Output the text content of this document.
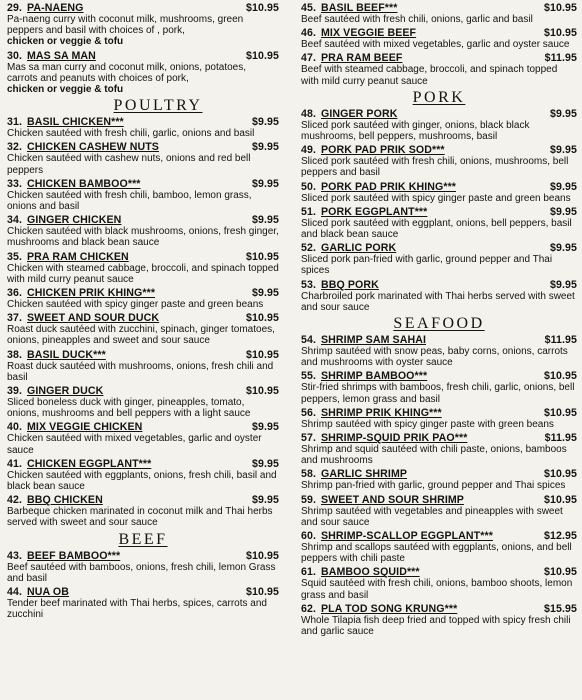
29. PA-NAENG	$10.95
Pa-naeng curry with coconut milk, mushrooms, green peppers and basil with choices of , pork,
chicken or veggie & tofu
30. MAS SA MAN	$10.95
Mas sa man curry and coconut milk, onions, potatoes, carrots and peanuts with choices of pork,
chicken or veggie & tofu
POULTRY
31. BASIL CHICKEN***	$9.95
Chicken sautéed with fresh chili, garlic, onions and basil
32. CHICKEN CASHEW NUTS	$9.95
Chicken sautéed with cashew nuts, onions and red bell peppers
33. CHICKEN BAMBOO***	$9.95
Chicken sautéed with fresh chili, bamboo, lemon grass, onions and basil
34. GINGER CHICKEN	$9.95
Chicken sautéed with black mushrooms, onions, fresh ginger, mushrooms and black bean sauce
35. PRA RAM CHICKEN	$10.95
Chicken with steamed cabbage, broccoli, and spinach topped with mild curry peanut sauce
36. CHICKEN PRIK KHING***	$9.95
Chicken sautéed with spicy ginger paste and green beans
37. SWEET AND SOUR DUCK	$10.95
Roast duck sautéed with zucchini, spinach, ginger tomatoes, onions, pineapples and sweet and sour sauce
38. BASIL DUCK***	$10.95
Roast duck sautéed with mushrooms, onions, fresh chili and basil
39. GINGER DUCK	$10.95
Sliced boneless duck with ginger, pineapples, tomato, onions, mushrooms and bell peppers with a light sauce
40. MIX VEGGIE CHICKEN	$9.95
Chicken sautéed with mixed vegetables, garlic and oyster sauce
41. CHICKEN EGGPLANT***	$9.95
Chicken sautéed with eggplants, onions, fresh chili, basil and black bean sauce
42. BBQ CHICKEN	$9.95
Barbeque chicken marinated in coconut milk and Thai herbs served with sweet and sour sauce
BEEF
43. BEEF BAMBOO***	$10.95
Beef sautéed with bamboos, onions, fresh chili, lemon Grass and basil
44. NUA OB	$10.95
Tender beef marinated with Thai herbs, spices, carrots and zucchini
45. BASIL BEEF***	$10.95
Beef sautéed with fresh chili, onions, garlic and basil
46. MIX VEGGIE BEEF	$10.95
Beef sautéed with mixed vegetables, garlic and oyster sauce
47. PRA RAM BEEF	$11.95
Beef with steamed cabbage, broccoli, and spinach topped with mild curry peanut sauce
PORK
48. GINGER PORK	$9.95
Sliced pork sautéed with ginger, onions, black black mushrooms, bell peppers, mushrooms, basil
49. PORK PAD PRIK SOD***	$9.95
Sliced pork sautéed with fresh chili, onions, mushrooms, bell peppers and basil
50. PORK PAD PRIK KHING***	$9.95
Sliced pork sautéed with spicy ginger paste and green beans
51. PORK EGGPLANT***	$9.95
Sliced pork sautéed with eggplant, onions, bell peppers, basil and black bean sauce
52. GARLIC PORK	$9.95
Sliced pork pan-fried with garlic, ground pepper and Thai spices
53. BBQ PORK	$9.95
Charbroiled pork marinated with Thai herbs served with sweet and sour sauce
SEAFOOD
54. SHRIMP SAM SAHAI	$11.95
Shrimp sautéed with snow peas, baby corns, onions, carrots and mushrooms with oyster sauce
55. SHRIMP BAMBOO***	$10.95
Stir-fried shrimps with bamboos, fresh chili, garlic, onions, bell peppers, lemon grass and basil
56. SHRIMP PRIK KHING***	$10.95
Shrimp sautéed with spicy ginger paste with green beans
57. SHRIMP-SQUID PRIK PAO***	$11.95
Shrimp and squid sautéed with chili paste, onions, bamboos and mushrooms
58. GARLIC SHRIMP	$10.95
Shrimp pan-fried with garlic, ground pepper and Thai spices
59. SWEET AND SOUR SHRIMP	$10.95
Shrimp sautéed with vegetables and pineapples with sweet and sour sauce
60. SHRIMP-SCALLOP EGGPLANT***	$12.95
Shrimp and scallops sautéed with eggplants, onions, and bell peppers with chili paste
61. BAMBOO SQUID***	$10.95
Squid sautéed with fresh chili, onions, bamboo shoots, lemon grass and basil
62. PLA TOD SONG KRUNG***	$15.95
Whole Tilapia fish deep fried and topped with spicy fresh chili and garlic sauce
